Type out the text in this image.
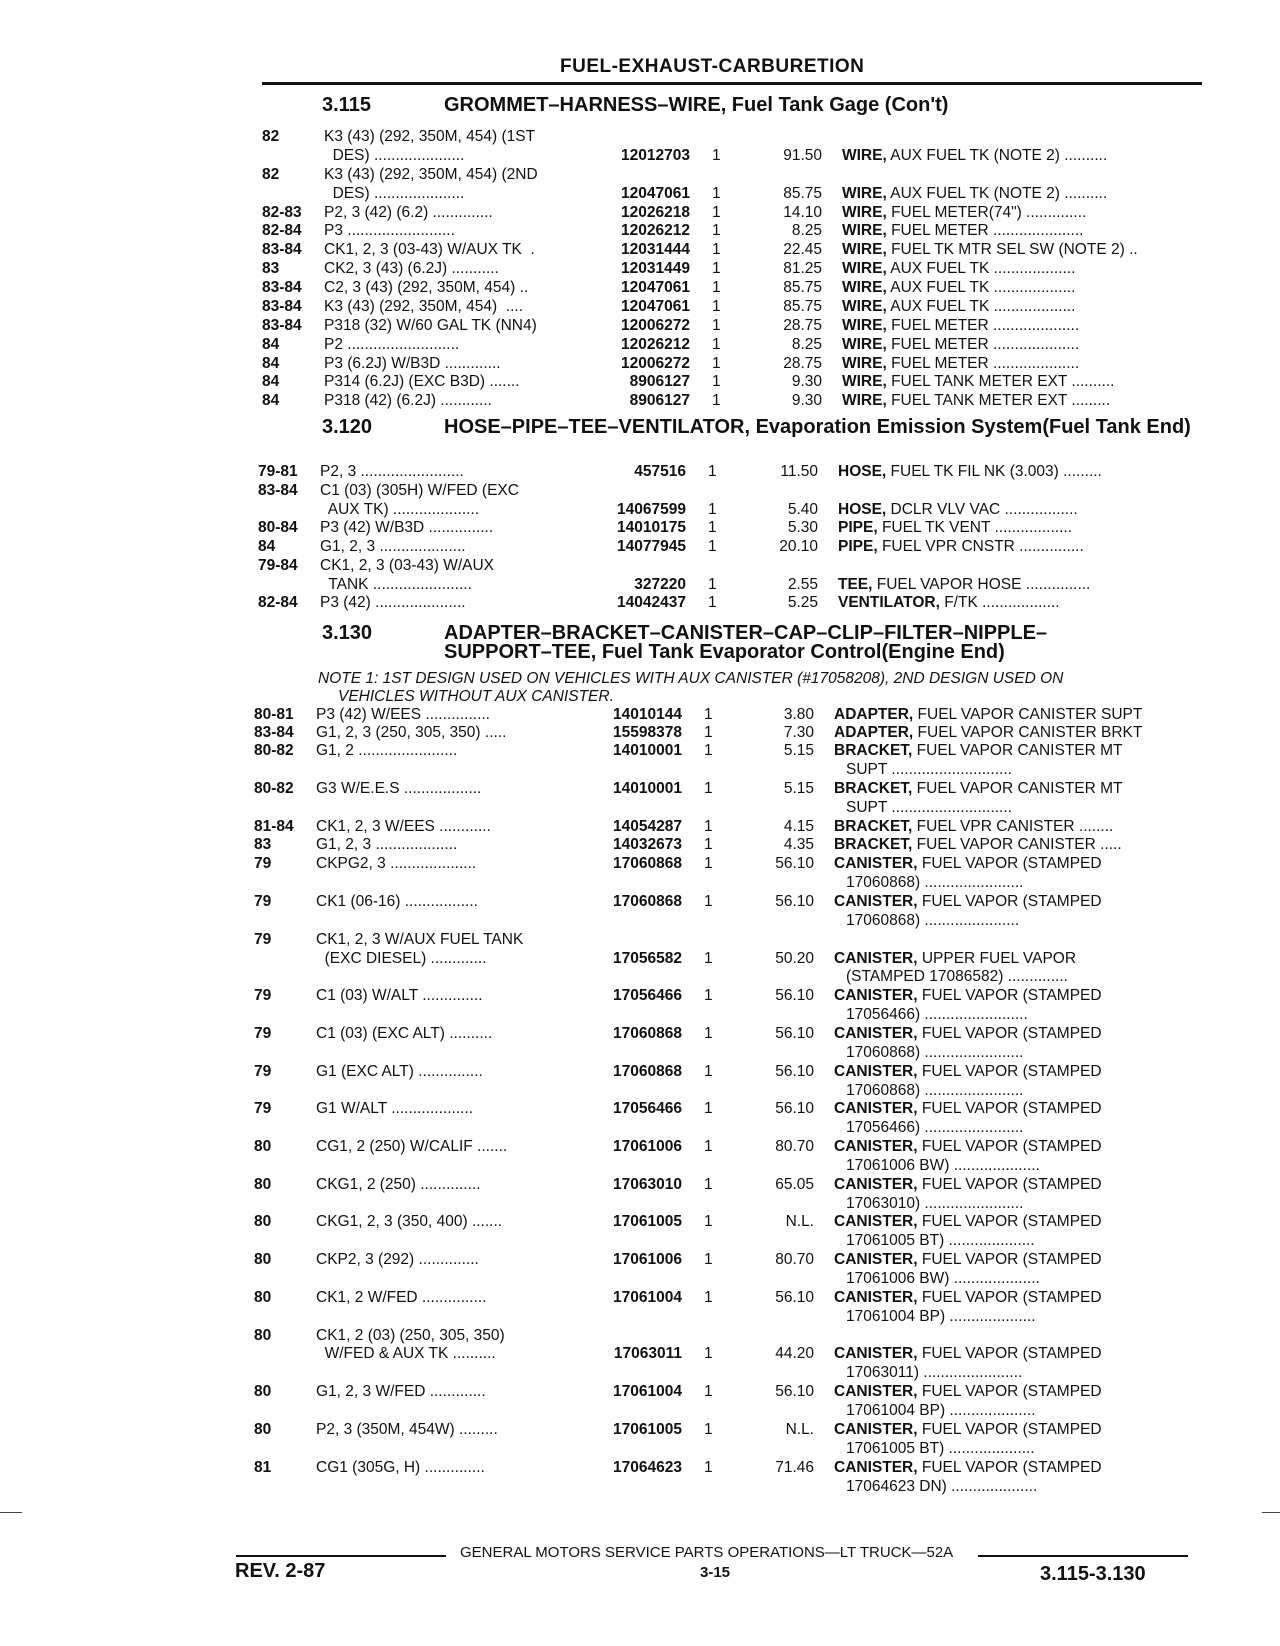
FUEL-EXHAUST-CARBURETION
3.115	GROMMET–HARNESS–WIRE, Fuel Tank Gage (Con't)
3.120	HOSE–PIPE–TEE–VENTILATOR, Evaporation Emission System(Fuel Tank End)
3.130	ADAPTER–BRACKET–CANISTER–CAP–CLIP–FILTER–NIPPLE–SUPPORT–TEE, Fuel Tank Evaporator Control(Engine End)
NOTE 1: 1ST DESIGN USED ON VEHICLES WITH AUX CANISTER (#17058208), 2ND DESIGN USED ON
VEHICLES WITHOUT AUX CANISTER.
82	K3 (43) (292, 350M, 454) (1ST
DES) .....................	12012703 1	91.50 WIRE, AUX FUEL TK (NOTE 2) ..........
82	K3 (43) (292, 350M, 454) (2ND
DES) .....................	12047061 1	85.75 WIRE, AUX FUEL TK (NOTE 2) ..........
82-83	P2, 3 (42) (6.2) ..............	12026218 1	14.10 WIRE, FUEL METER(74") ..............
82-84	P3 .........................	12026212 1	8.25 WIRE, FUEL METER .....................
83-84	CK1, 2, 3 (03-43) W/AUX TK  .	12031444 1	22.45 WIRE, FUEL TK MTR SEL SW (NOTE 2) ..
83	CK2, 3 (43) (6.2J) ...........	12031449 1	81.25 WIRE, AUX FUEL TK ...................
83-84	C2, 3 (43) (292, 350M, 454) ..	12047061 1	85.75 WIRE, AUX FUEL TK ...................
83-84	K3 (43) (292, 350M, 454)  ....	12047061 1	85.75 WIRE, AUX FUEL TK ...................
83-84	P318 (32) W/60 GAL TK (NN4)	12006272 1	28.75 WIRE, FUEL METER ....................
84	P2 ..........................	12026212 1	8.25 WIRE, FUEL METER ....................
84	P3 (6.2J) W/B3D .............	12006272 1	28.75 WIRE, FUEL METER ....................
84	P314 (6.2J) (EXC B3D) .......	8906127 1	9.30 WIRE, FUEL TANK METER EXT ..........
84	P318 (42) (6.2J) ............	8906127 1	9.30 WIRE, FUEL TANK METER EXT .........
79-81	P2, 3 ........................	457516 1	11.50 HOSE, FUEL TK FIL NK (3.003) .........
83-84	C1 (03) (305H) W/FED (EXC
AUX TK) ....................	14067599 1	5.40 HOSE, DCLR VLV VAC .................
80-84	P3 (42) W/B3D ...............	14010175 1	5.30 PIPE, FUEL TK VENT ..................
84	G1, 2, 3 ....................	14077945 1	20.10 PIPE, FUEL VPR CNSTR ...............
79-84	CK1, 2, 3 (03-43) W/AUX
TANK .......................	327220 1	2.55 TEE, FUEL VAPOR HOSE ...............
82-84	P3 (42) .....................	14042437 1	5.25 VENTILATOR, F/TK ..................
80-81	P3 (42) W/EES ...............	14010144 1	3.80 ADAPTER, FUEL VAPOR CANISTER SUPT
83-84	G1, 2, 3 (250, 305, 350) .....	15598378 1	7.30 ADAPTER, FUEL VAPOR CANISTER BRKT
80-82	G1, 2 .......................	14010001 1	5.15 BRACKET, FUEL VAPOR CANISTER MT
SUPT ............................
80-82	G3 W/E.E.S ..................	14010001 1	5.15 BRACKET, FUEL VAPOR CANISTER MT
SUPT ............................
81-84	CK1, 2, 3 W/EES ............	14054287 1	4.15 BRACKET, FUEL VPR CANISTER ........
83	G1, 2, 3 ...................	14032673 1	4.35 BRACKET, FUEL VAPOR CANISTER .....
79	CKPG2, 3 ....................	17060868 1	56.10 CANISTER, FUEL VAPOR (STAMPED
17060868) .......................
79	CK1 (06-16) .................	17060868 1	56.10 CANISTER, FUEL VAPOR (STAMPED
17060868) ......................
79	CK1, 2, 3 W/AUX FUEL TANK
(EXC DIESEL) .............	17056582 1	50.20 CANISTER, UPPER FUEL VAPOR
(STAMPED 17086582) ..............
79	C1 (03) W/ALT ..............	17056466 1	56.10 CANISTER, FUEL VAPOR (STAMPED
17056466) ........................
79	C1 (03) (EXC ALT) ..........	17060868 1	56.10 CANISTER, FUEL VAPOR (STAMPED
17060868) .......................
79	G1 (EXC ALT) ...............	17060868 1	56.10 CANISTER, FUEL VAPOR (STAMPED
17060868) .......................
79	G1 W/ALT ...................	17056466 1	56.10 CANISTER, FUEL VAPOR (STAMPED
17056466) .......................
80	CG1, 2 (250) W/CALIF .......	17061006 1	80.70 CANISTER, FUEL VAPOR (STAMPED
17061006 BW) ....................
80	CKG1, 2 (250) ..............	17063010 1	65.05 CANISTER, FUEL VAPOR (STAMPED
17063010) .......................
80	CKG1, 2, 3 (350, 400) .......	17061005 1	N.L. CANISTER, FUEL VAPOR (STAMPED
17061005 BT) ....................
80	CKP2, 3 (292) ..............	17061006 1	80.70 CANISTER, FUEL VAPOR (STAMPED
17061006 BW) ....................
80	CK1, 2 W/FED ...............	17061004 1	56.10 CANISTER, FUEL VAPOR (STAMPED
17061004 BP) ....................
80	CK1, 2 (03) (250, 305, 350)
W/FED & AUX TK ..........	17063011 1	44.20 CANISTER, FUEL VAPOR (STAMPED
17063011) .......................
80	G1, 2, 3 W/FED .............	17061004 1	56.10 CANISTER, FUEL VAPOR (STAMPED
17061004 BP) ....................
80	P2, 3 (350M, 454W) .........	17061005 1	N.L. CANISTER, FUEL VAPOR (STAMPED
17061005 BT) ....................
81	CG1 (305G, H) ..............	17064623 1	71.46 CANISTER, FUEL VAPOR (STAMPED
17064623 DN) ....................
GENERAL MOTORS SERVICE PARTS OPERATIONS—LT TRUCK—52A
REV. 2-87	3-15	3.115-3.130
